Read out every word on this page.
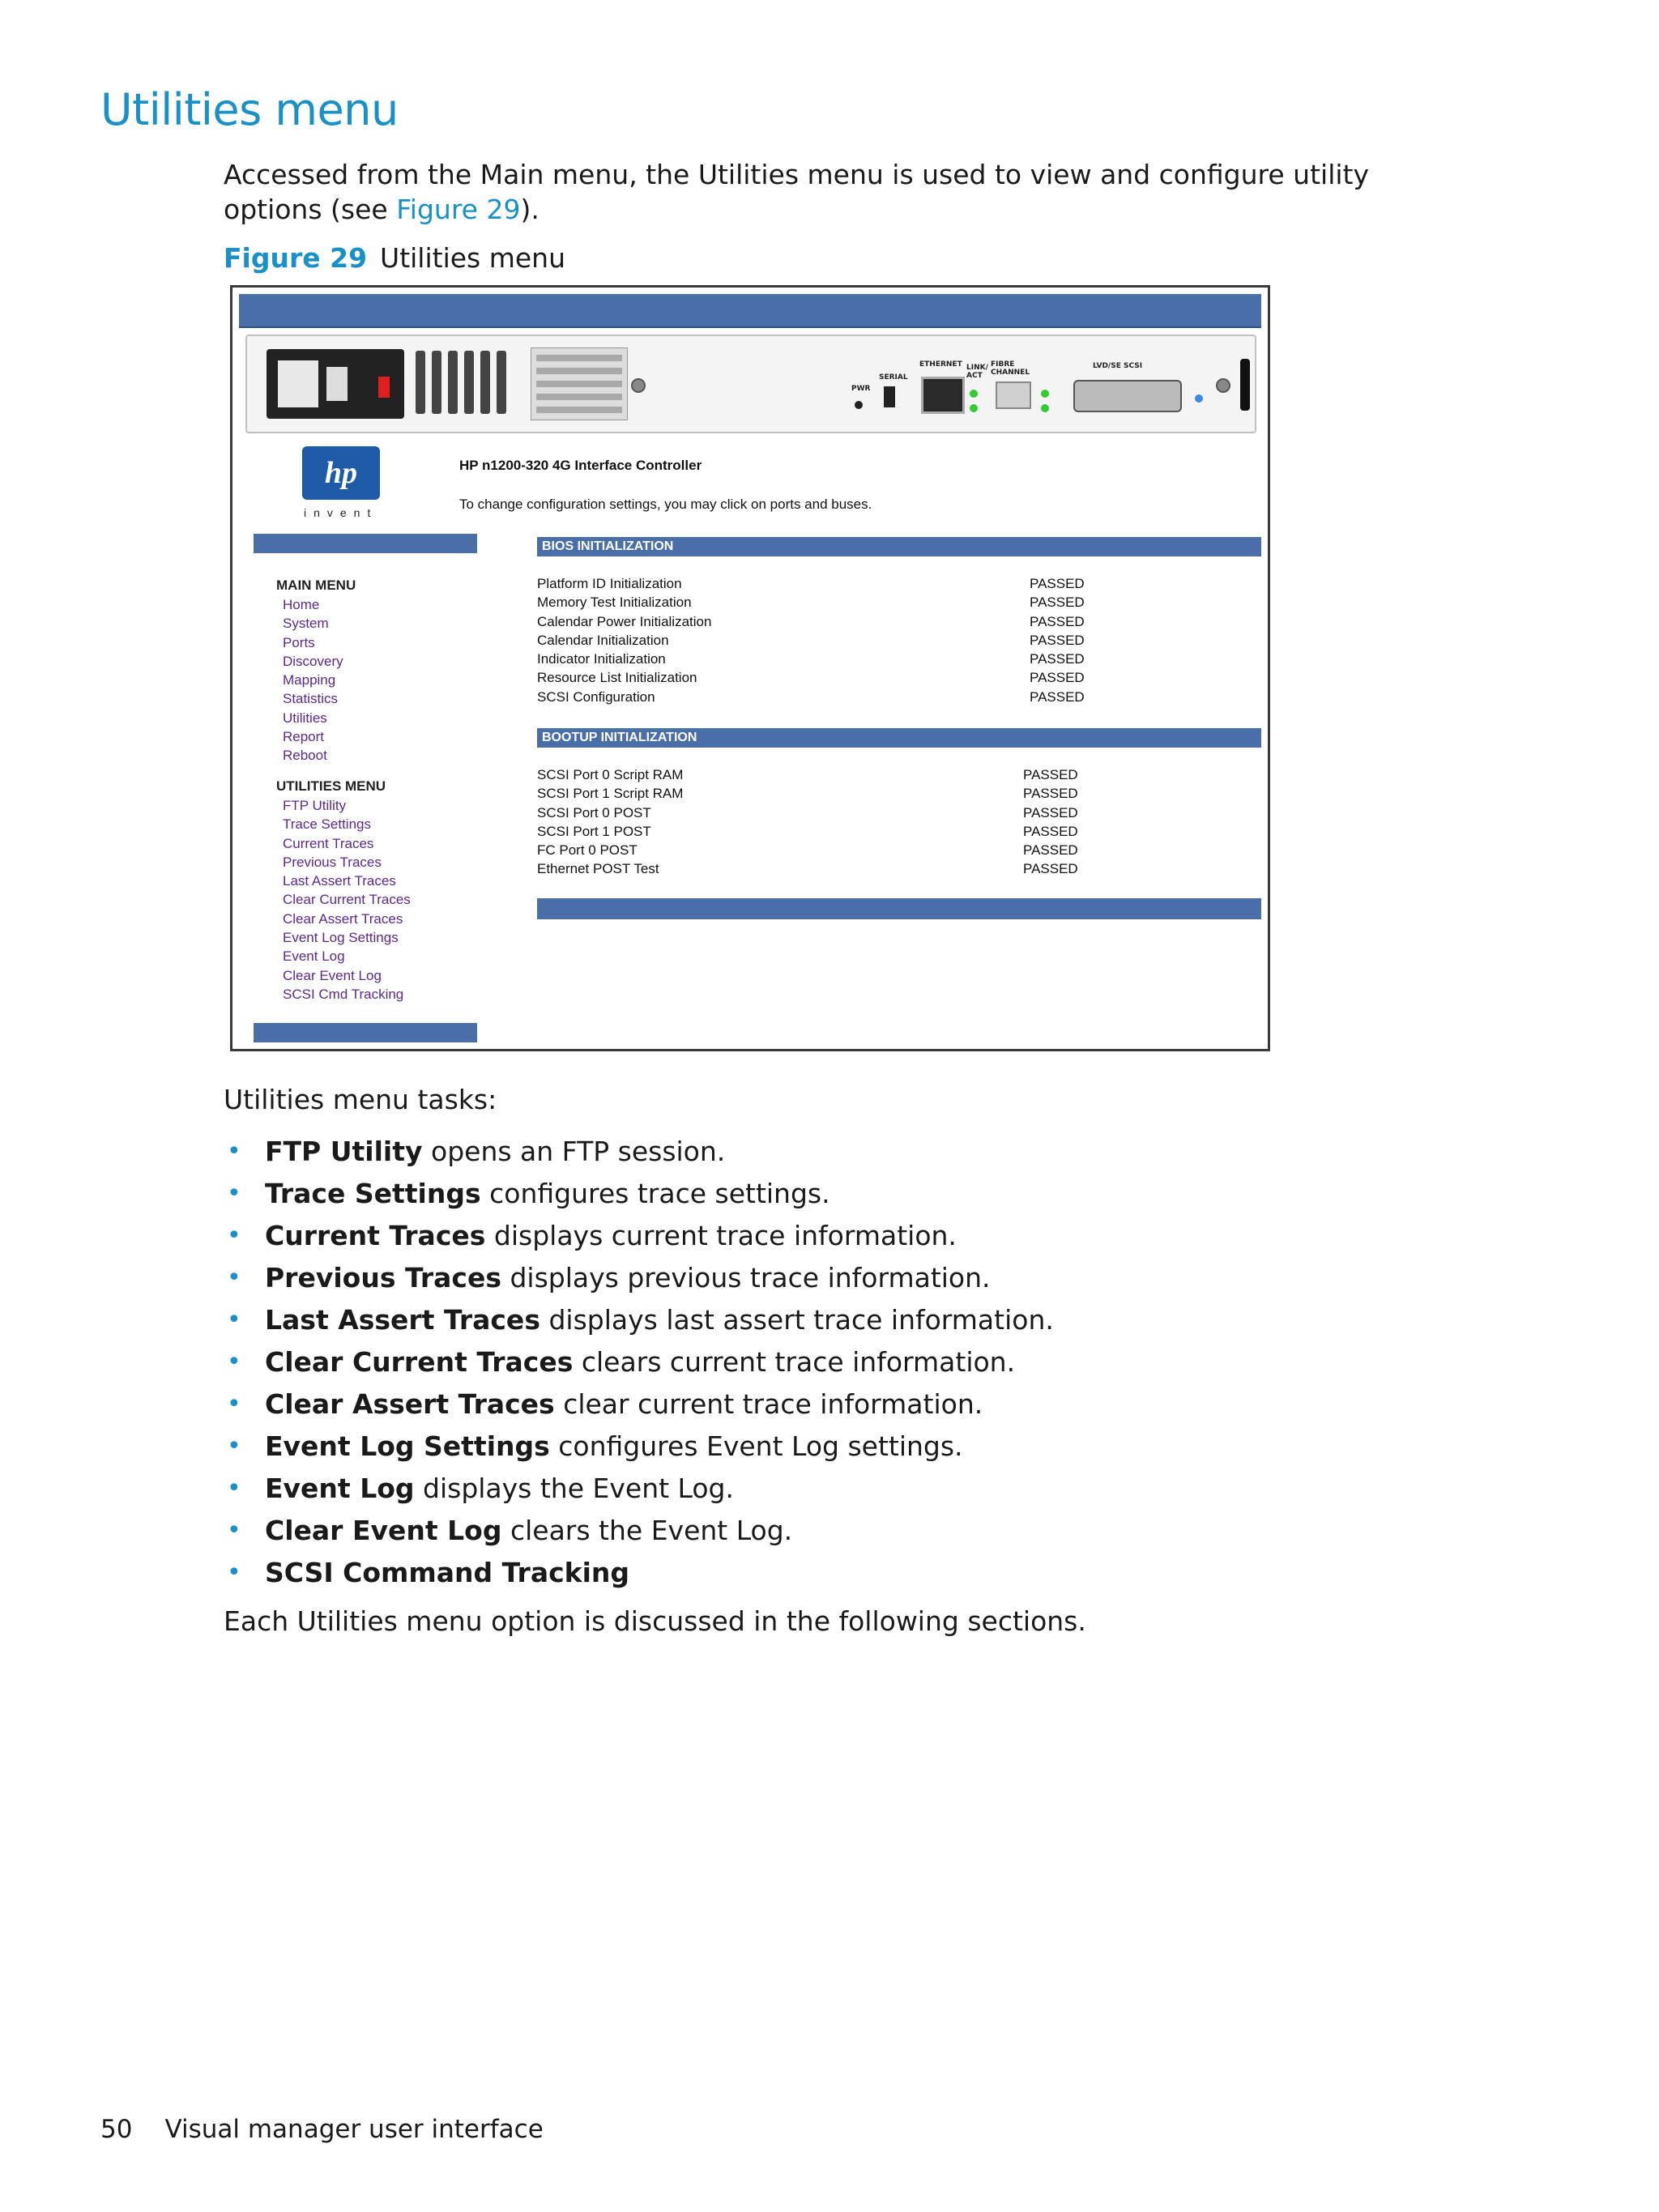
Utilities menu
Accessed from the Main menu, the Utilities menu is used to view and configure utility options (see Figure 29).
Figure 29 Utilities menu
PWR
SERIAL
ETHERNET LINK/ ACT
FIBRE CHANNEL
LVD/SE SCSI
hp
invent
HP n1200-320 4G Interface Controller
To change configuration settings, you may click on ports and buses.
MAIN MENU
Home
System
Ports
Discovery
Mapping
Statistics
Utilities
Report
Reboot
UTILITIES MENU
FTP Utility
Trace Settings
Current Traces
Previous Traces
Last Assert Traces
Clear Current Traces
Clear Assert Traces
Event Log Settings
Event Log
Clear Event Log
SCSI Cmd Tracking
BIOS INITIALIZATION
Platform ID Initialization	PASSED
Memory Test Initialization	PASSED
Calendar Power Initialization	PASSED
Calendar Initialization	PASSED
Indicator Initialization	PASSED
Resource List Initialization	PASSED
SCSI Configuration	PASSED
BOOTUP INITIALIZATION
SCSI Port 0 Script RAM	PASSED
SCSI Port 1 Script RAM	PASSED
SCSI Port 0 POST	PASSED
SCSI Port 1 POST	PASSED
FC Port 0 POST	PASSED
Ethernet POST Test	PASSED
Utilities menu tasks:
• FTP Utility opens an FTP session.
• Trace Settings configures trace settings.
• Current Traces displays current trace information.
• Previous Traces displays previous trace information.
• Last Assert Traces displays last assert trace information.
• Clear Current Traces clears current trace information.
• Clear Assert Traces clear current trace information.
• Event Log Settings configures Event Log settings.
• Event Log displays the Event Log.
• Clear Event Log clears the Event Log.
• SCSI Command Tracking
Each Utilities menu option is discussed in the following sections.
50 Visual manager user interface
